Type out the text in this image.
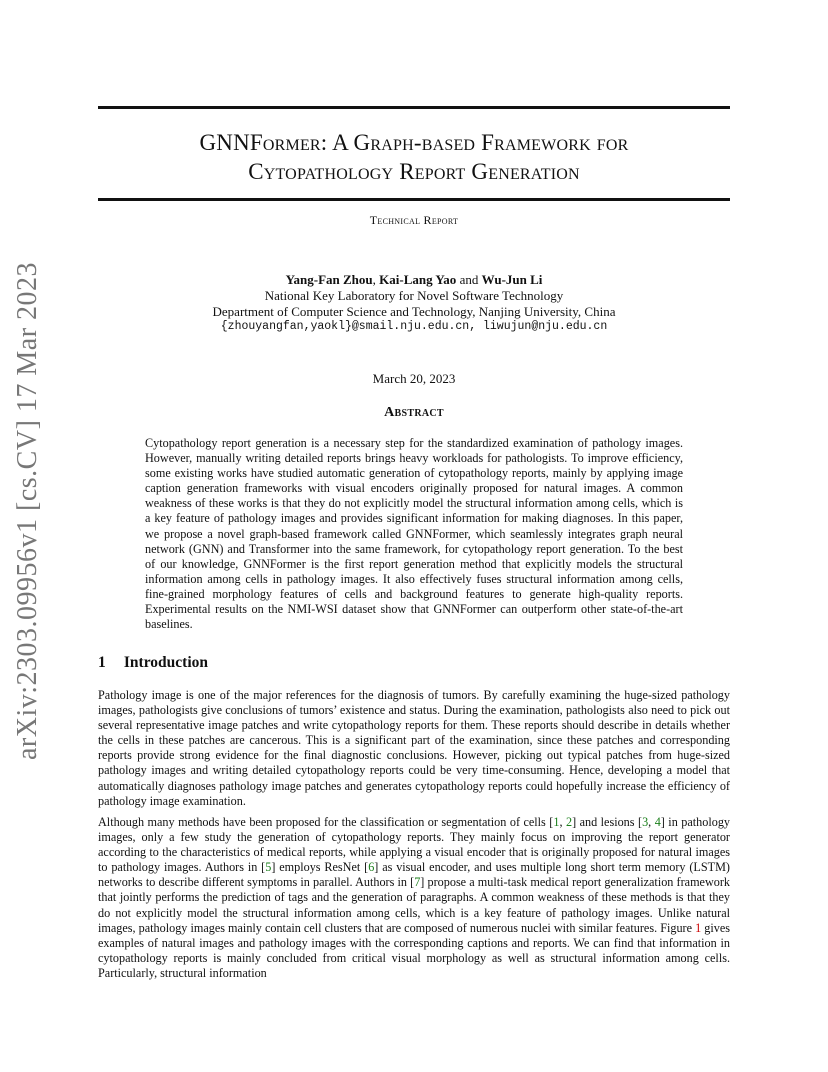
arXiv:2303.09956v1 [cs.CV] 17 Mar 2023
GNNFormer: A Graph-based Framework for
Cytopathology Report Generation
Technical Report
Yang-Fan Zhou, Kai-Lang Yao and Wu-Jun Li
National Key Laboratory for Novel Software Technology
Department of Computer Science and Technology, Nanjing University, China
{zhouyangfan,yaokl}@smail.nju.edu.cn, liwujun@nju.edu.cn
March 20, 2023
Abstract
Cytopathology report generation is a necessary step for the standardized examination of pathology images. However, manually writing detailed reports brings heavy workloads for pathologists. To improve efficiency, some existing works have studied automatic generation of cytopathology reports, mainly by applying image caption generation frameworks with visual encoders originally proposed for natural images. A common weakness of these works is that they do not explicitly model the structural information among cells, which is a key feature of pathology images and provides significant information for making diagnoses. In this paper, we propose a novel graph-based framework called GNNFormer, which seamlessly integrates graph neural network (GNN) and Transformer into the same framework, for cytopathology report generation. To the best of our knowledge, GNNFormer is the first report generation method that explicitly models the structural information among cells in pathology images. It also effectively fuses structural information among cells, fine-grained morphology features of cells and background features to generate high-quality reports. Experimental results on the NMI-WSI dataset show that GNNFormer can outperform other state-of-the-art baselines.
1 Introduction
Pathology image is one of the major references for the diagnosis of tumors. By carefully examining the huge-sized pathology images, pathologists give conclusions of tumors’ existence and status. During the examination, pathologists also need to pick out several representative image patches and write cytopathology reports for them. These reports should describe in details whether the cells in these patches are cancerous. This is a significant part of the examination, since these patches and corresponding reports provide strong evidence for the final diagnostic conclusions. However, picking out typical patches from huge-sized pathology images and writing detailed cytopathology reports could be very time-consuming. Hence, developing a model that automatically diagnoses pathology image patches and generates cytopathology reports could hopefully increase the efficiency of pathology image examination.
Although many methods have been proposed for the classification or segmentation of cells [1, 2] and lesions [3, 4] in pathology images, only a few study the generation of cytopathology reports. They mainly focus on improving the report generator according to the characteristics of medical reports, while applying a visual encoder that is originally proposed for natural images to pathology images. Authors in [5] employs ResNet [6] as visual encoder, and uses multiple long short term memory (LSTM) networks to describe different symptoms in parallel. Authors in [7] propose a multi-task medical report generalization framework that jointly performs the prediction of tags and the generation of paragraphs. A common weakness of these methods is that they do not explicitly model the structural information among cells, which is a key feature of pathology images. Unlike natural images, pathology images mainly contain cell clusters that are composed of numerous nuclei with similar features. Figure 1 gives examples of natural images and pathology images with the corresponding captions and reports. We can find that information in cytopathology reports is mainly concluded from critical visual morphology as well as structural information among cells. Particularly, structural information
